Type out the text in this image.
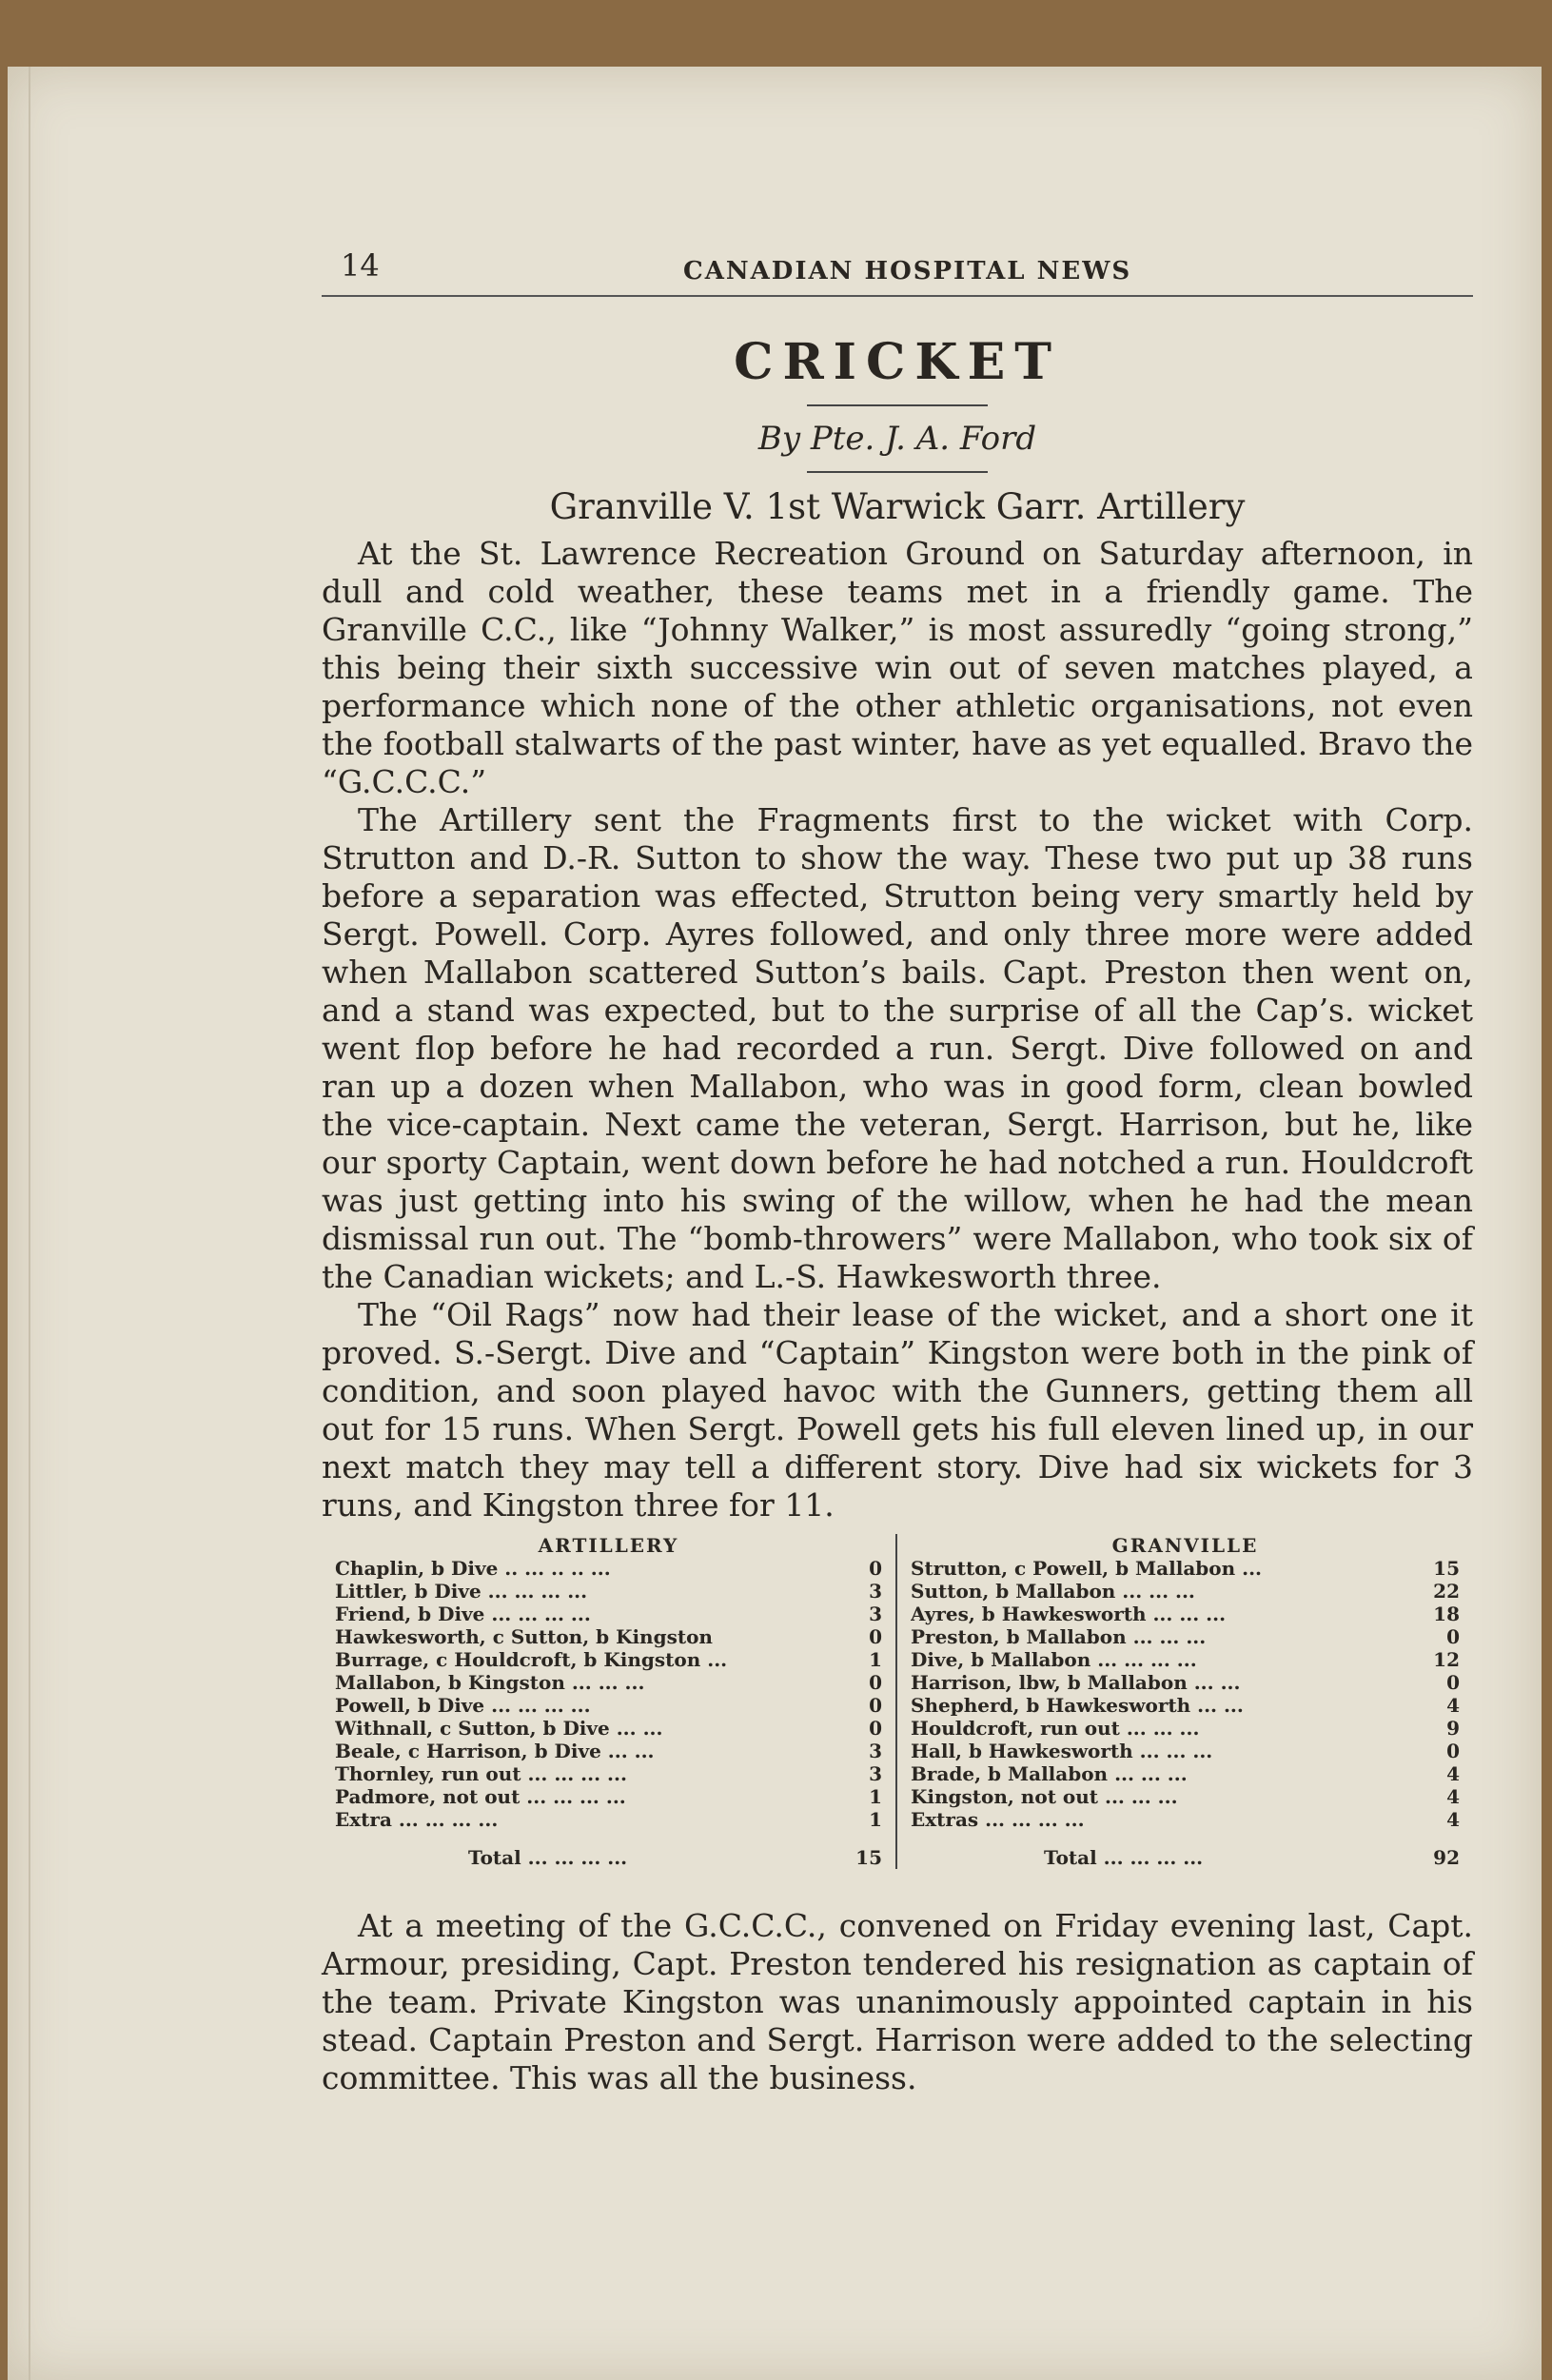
14	CANADIAN HOSPITAL NEWS
CRICKET

By Pte. J. A. Ford

Granville V. 1st Warwick Garr. Artillery

At the St. Lawrence Recreation Ground on Saturday afternoon, in dull and cold weather, these teams met in a friendly game. The Granville C.C., like “Johnny Walker,” is most assuredly “going strong,” this being their sixth successive win out of seven matches played, a performance which none of the other athletic organisations, not even the football stalwarts of the past winter, have as yet equalled. Bravo the “G.C.C.C.”

The Artillery sent the Fragments first to the wicket with Corp. Strutton and D.-R. Sutton to show the way. These two put up 38 runs before a separation was effected, Strutton being very smartly held by Sergt. Powell. Corp. Ayres followed, and only three more were added when Mallabon scattered Sutton’s bails. Capt. Preston then went on, and a stand was expected, but to the surprise of all the Cap’s. wicket went flop before he had recorded a run. Sergt. Dive followed on and ran up a dozen when Mallabon, who was in good form, clean bowled the vice-captain. Next came the veteran, Sergt. Harrison, but he, like our sporty Captain, went down before he had notched a run. Houldcroft was just getting into his swing of the willow, when he had the mean dismissal run out. The “bomb-throwers” were Mallabon, who took six of the Canadian wickets; and L.-S. Hawkesworth three.

The “Oil Rags” now had their lease of the wicket, and a short one it proved. S.-Sergt. Dive and “Captain” Kingston were both in the pink of condition, and soon played havoc with the Gunners, getting them all out for 15 runs. When Sergt. Powell gets his full eleven lined up, in our next match they may tell a different story. Dive had six wickets for 3 runs, and Kingston three for 11.

ARTILLERY
Chaplin, b Dive .. ... .. .. ...	0
Littler, b Dive ... ... ... ...	3
Friend, b Dive ... ... ... ...	3
Hawkesworth, c Sutton, b Kingston	0
Burrage, c Houldcroft, b Kingston ...	1
Mallabon, b Kingston ... ... ...	0
Powell, b Dive ... ... ... ...	0
Withnall, c Sutton, b Dive ... ...	0
Beale, c Harrison, b Dive ... ...	3
Thornley, run out ... ... ... ...	3
Padmore, not out ... ... ... ...	1
Extra ... ... ... ...	1
Total ... ... ... ...	15
GRANVILLE
Strutton, c Powell, b Mallabon ...	15
Sutton, b Mallabon ... ... ...	22
Ayres, b Hawkesworth ... ... ...	18
Preston, b Mallabon ... ... ...	0
Dive, b Mallabon ... ... ... ...	12
Harrison, lbw, b Mallabon ... ...	0
Shepherd, b Hawkesworth ... ...	4
Houldcroft, run out ... ... ...	9
Hall, b Hawkesworth ... ... ...	0
Brade, b Mallabon ... ... ...	4
Kingston, not out ... ... ...	4
Extras ... ... ... ...	4
Total ... ... ... ...	92

At a meeting of the G.C.C.C., convened on Friday evening last, Capt. Armour, presiding, Capt. Preston tendered his resignation as captain of the team. Private Kingston was unanimously appointed captain in his stead. Captain Preston and Sergt. Harrison were added to the selecting committee. This was all the business.
